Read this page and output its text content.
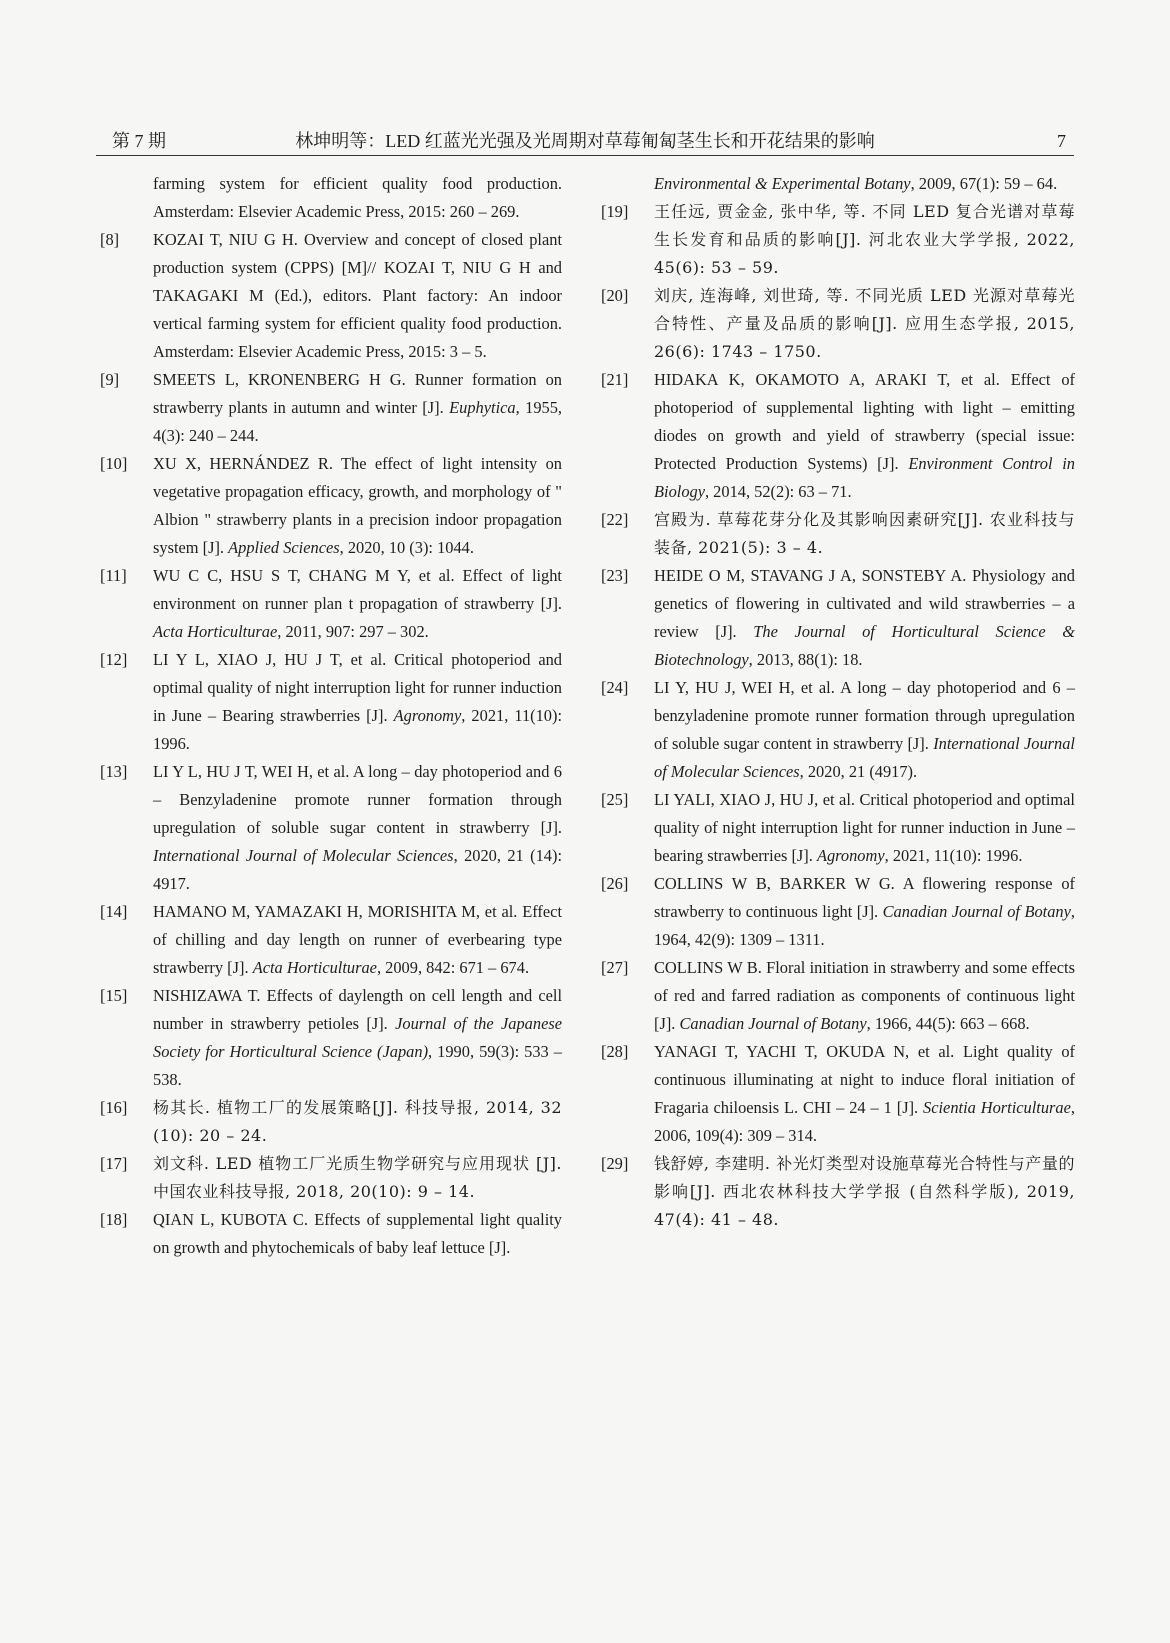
第 7 期	林坤明等：LED 红蓝光光强及光周期对草莓匍匐茎生长和开花结果的影响	7
farming system for efficient quality food production. Amsterdam: Elsevier Academic Press, 2015: 260 – 269.
[8]	KOZAI T, NIU G H. Overview and concept of closed plant production system (CPPS) [M]// KOZAI T, NIU G H and TAKAGAKI M (Ed.), editors. Plant factory: An indoor vertical farming system for efficient quality food production. Amsterdam: Elsevier Academic Press, 2015: 3 – 5.
[9]	SMEETS L, KRONENBERG H G. Runner formation on strawberry plants in autumn and winter [J]. Euphytica, 1955, 4(3): 240 – 244.
[10]	XU X, HERNÁNDEZ R. The effect of light intensity on vegetative propagation efficacy, growth, and morphology of " Albion " strawberry plants in a precision indoor propagation system [J]. Applied Sciences, 2020, 10 (3): 1044.
[11]	WU C C, HSU S T, CHANG M Y, et al. Effect of light environment on runner plan t propagation of strawberry [J]. Acta Horticulturae, 2011, 907: 297 – 302.
[12]	LI Y L, XIAO J, HU J T, et al. Critical photoperiod and optimal quality of night interruption light for runner induction in June – Bearing strawberries [J]. Agronomy, 2021, 11(10): 1996.
[13]	LI Y L, HU J T, WEI H, et al. A long – day photoperiod and 6 – Benzyladenine promote runner formation through upregulation of soluble sugar content in strawberry [J]. International Journal of Molecular Sciences, 2020, 21 (14): 4917.
[14]	HAMANO M, YAMAZAKI H, MORISHITA M, et al. Effect of chilling and day length on runner of everbearing type strawberry [J]. Acta Horticulturae, 2009, 842: 671 – 674.
[15]	NISHIZAWA T. Effects of daylength on cell length and cell number in strawberry petioles [J]. Journal of the Japanese Society for Horticultural Science (Japan), 1990, 59(3): 533 – 538.
[16]	杨其长. 植物工厂的发展策略[J]. 科技导报, 2014, 32 (10): 20 – 24.
[17]	刘文科. LED 植物工厂光质生物学研究与应用现状 [J]. 中国农业科技导报, 2018, 20(10): 9 – 14.
[18]	QIAN L, KUBOTA C. Effects of supplemental light quality on growth and phytochemicals of baby leaf lettuce [J].
Environmental & Experimental Botany, 2009, 67(1): 59 – 64.
[19]	王任远, 贾金金, 张中华, 等. 不同 LED 复合光谱对草莓生长发育和品质的影响[J]. 河北农业大学学报, 2022, 45(6): 53 – 59.
[20]	刘庆, 连海峰, 刘世琦, 等. 不同光质 LED 光源对草莓光合特性、产量及品质的影响[J]. 应用生态学报, 2015, 26(6): 1743 – 1750.
[21]	HIDAKA K, OKAMOTO A, ARAKI T, et al. Effect of photoperiod of supplemental lighting with light – emitting diodes on growth and yield of strawberry (special issue: Protected Production Systems) [J]. Environment Control in Biology, 2014, 52(2): 63 – 71.
[22]	宫殿为. 草莓花芽分化及其影响因素研究[J]. 农业科技与装备, 2021(5): 3 – 4.
[23]	HEIDE O M, STAVANG J A, SONSTEBY A. Physiology and genetics of flowering in cultivated and wild strawberries – a review [J]. The Journal of Horticultural Science & Biotechnology, 2013, 88(1): 18.
[24]	LI Y, HU J, WEI H, et al. A long – day photoperiod and 6 – benzyladenine promote runner formation through upregulation of soluble sugar content in strawberry [J]. International Journal of Molecular Sciences, 2020, 21 (4917).
[25]	LI YALI, XIAO J, HU J, et al. Critical photoperiod and optimal quality of night interruption light for runner induction in June – bearing strawberries [J]. Agronomy, 2021, 11(10): 1996.
[26]	COLLINS W B, BARKER W G. A flowering response of strawberry to continuous light [J]. Canadian Journal of Botany, 1964, 42(9): 1309 – 1311.
[27]	COLLINS W B. Floral initiation in strawberry and some effects of red and farred radiation as components of continuous light [J]. Canadian Journal of Botany, 1966, 44(5): 663 – 668.
[28]	YANAGI T, YACHI T, OKUDA N, et al. Light quality of continuous illuminating at night to induce floral initiation of Fragaria chiloensis L. CHI – 24 – 1 [J]. Scientia Horticulturae, 2006, 109(4): 309 – 314.
[29]	钱舒婷, 李建明. 补光灯类型对设施草莓光合特性与产量的影响[J]. 西北农林科技大学学报 (自然科学版), 2019, 47(4): 41 – 48.
